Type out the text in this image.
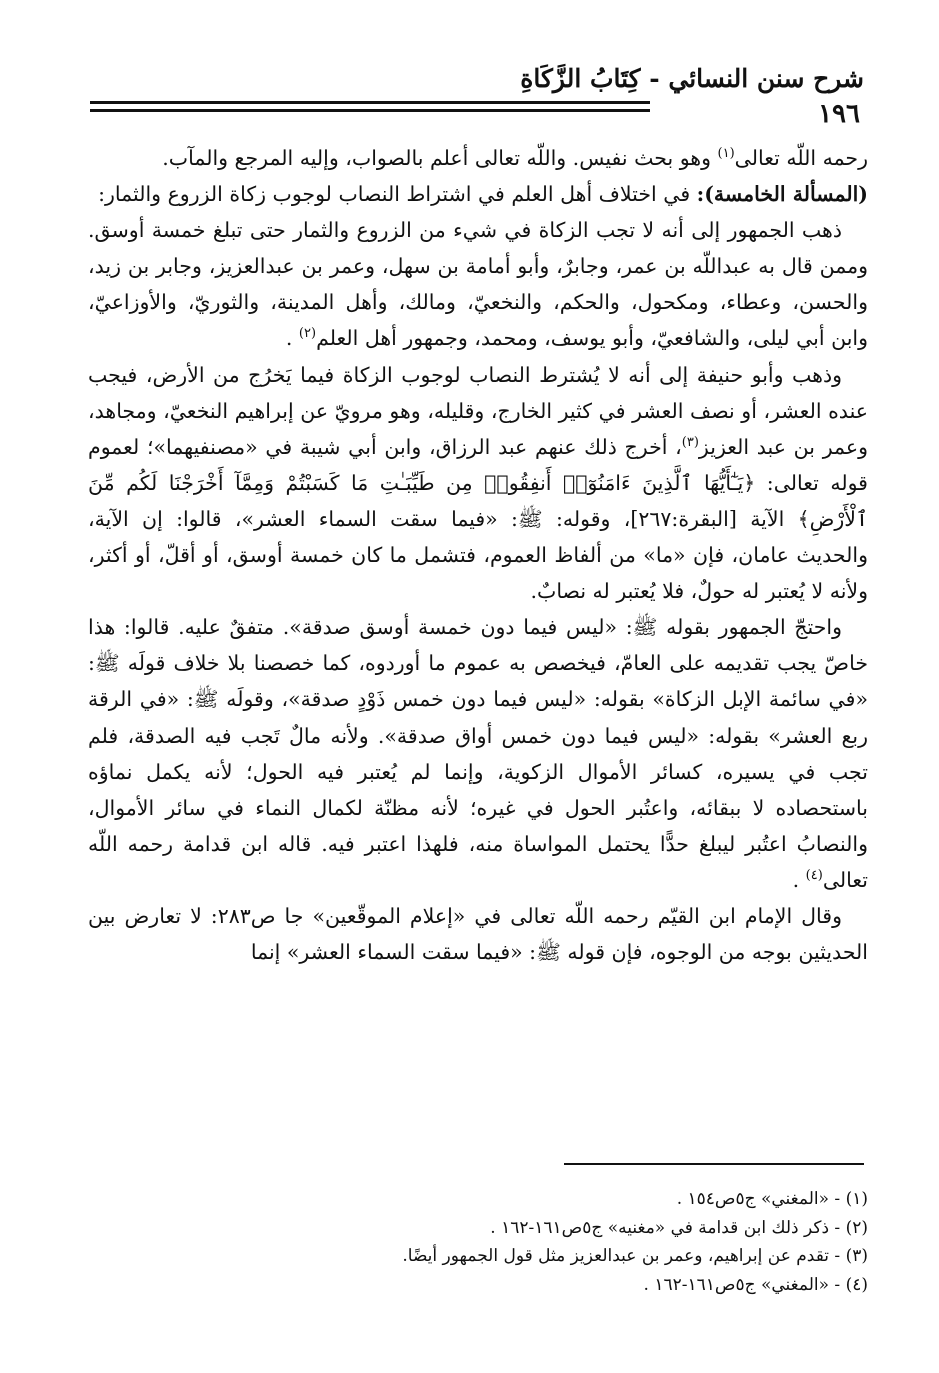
شرح سنن النسائي - كِتَابُ الزَّكَاةِ
١٩٦

رحمه اللّه تعالى$^{(١)}$ وهو بحث نفيس. واللّه تعالى أعلم بالصواب، وإليه المرجع والمآب.

(المسألة الخامسة): في اختلاف أهل العلم في اشتراط النصاب لوجوب زكاة الزروع والثمار:

ذهب الجمهور إلى أنه لا تجب الزكاة في شيء من الزروع والثمار حتى تبلغ خمسة أوسق. وممن قال به عبداللّه بن عمر، وجابرٌ، وأبو أمامة بن سهل، وعمر بن عبدالعزيز، وجابر بن زيد، والحسن، وعطاء، ومكحول، والحكم، والنخعيّ، ومالك، وأهل المدينة، والثوريّ، والأوزاعيّ، وابن أبي ليلى، والشافعيّ، وأبو يوسف، ومحمد، وجمهور أهل العلم$^{(٢)}$ .

وذهب وأبو حنيفة إلى أنه لا يُشترط النصاب لوجوب الزكاة فيما يَخرُج من الأرض، فيجب عنده العشر، أو نصف العشر في كثير الخارج، وقليله، وهو مرويّ عن إبراهيم النخعيّ، ومجاهد، وعمر بن عبد العزيز$^{(٣)}$، أخرج ذلك عنهم عبد الرزاق، وابن أبي شيبة في «مصنفيهما»؛ لعموم قوله تعالى: ﴿يَـٰٓأَيُّهَا ٱلَّذِينَ ءَامَنُوٓا۟ أَنفِقُوا۟ مِن طَيِّبَـٰتِ مَا كَسَبْتُمْ وَمِمَّآ أَخْرَجْنَا لَكُم مِّنَ ٱلْأَرْضِ﴾ الآية [البقرة:٢٦٧]، وقوله: ﷺ: «فيما سقت السماء العشر»، قالوا: إن الآية، والحديث عامان، فإن «ما» من ألفاظ العموم، فتشمل ما كان خمسة أوسق، أو أقلّ، أو أكثر، ولأنه لا يُعتبر له حولٌ، فلا يُعتبر له نصابٌ.

واحتجّ الجمهور بقوله ﷺ: «ليس فيما دون خمسة أوسق صدقة». متفقٌ عليه. قالوا: هذا خاصّ يجب تقديمه على العامّ، فيخصص به عموم ما أوردوه، كما خصصنا بلا خلاف قولَه ﷺ: «في سائمة الإبل الزكاة» بقوله: «ليس فيما دون خمس ذَوْدٍ صدقة»، وقولَه ﷺ: «في الرقة ربع العشر» بقوله: «ليس فيما دون خمس أواق صدقة». ولأنه مالٌ تَجب فيه الصدقة، فلم تجب في يسيره، كسائر الأموال الزكوية، وإنما لم يُعتبر فيه الحول؛ لأنه يكمل نماؤه باستحصاده لا ببقائه، واعتُبر الحول في غيره؛ لأنه مظنّة لكمال النماء في سائر الأموال، والنصابُ اعتُبر ليبلغ حدًّا يحتمل المواساة منه، فلهذا اعتبر فيه. قاله ابن قدامة رحمه اللّه تعالى$^{(٤)}$ .

وقال الإمام ابن القيّم رحمه اللّه تعالى في «إعلام الموقّعين» جا ص٢٨٣: لا تعارض بين الحديثين بوجه من الوجوه، فإن قوله ﷺ: «فيما سقت السماء العشر» إنما

(١) - «المغني» ج٥ص١٥٤ .
(٢) - ذكر ذلك ابن قدامة في «مغنيه» ج٥ص١٦١-١٦٢ .
(٣) - تقدم عن إبراهيم، وعمر بن عبدالعزيز مثل قول الجمهور أيضًا.
(٤) - «المغني» ج٥ص١٦١-١٦٢ .
